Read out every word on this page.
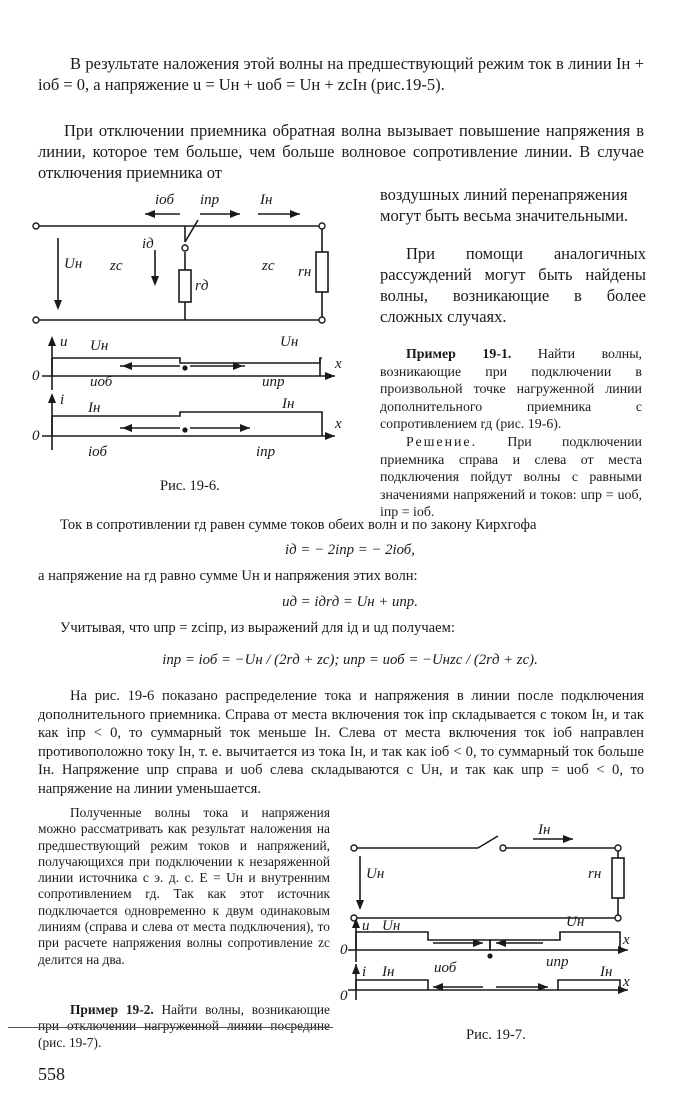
В результате наложения этой волны на предшествующий режим ток в линии Iн + iоб = 0, а напряжение u = Uн + uоб = Uн + zcIн (рис.19-5).
При отключении приемника обратная волна вызывает повышение напряжения в линии, которое тем больше, чем больше волновое сопротивление линии. В случае отключения приемника от
воздушных линий перенапряжения могут быть весьма значительными.
При помощи аналогичных рассуждений могут быть найдены волны, возникающие в более сложных случаях.
iоб iпр	Iн
Uн zc
iд
rд
zc rн
u Uн	Uн
x
0	uоб	uпр
i Iн	Iн
x
0
iоб	iпр
Рис. 19-6.
Пример 19-1. Найти волны, возникающие при подключении в произвольной точке нагруженной линии дополнительного приемника с сопротивлением rд (рис. 19-6).
Решение. При подключении приемника справа и слева от места подключения пойдут волны с равными значениями напряжений и токов: uпр = uоб, iпр = iоб.
Ток в сопротивлении rд равен сумме токов обеих волн и по закону Кирхгофа
iд = − 2iпр = − 2iоб,
а напряжение на rд равно сумме Uн и напряжения этих волн:
uд = iдrд = Uн + uпр.
Учитывая, что uпр = zciпр, из выражений для iд и uд получаем:
iпр = iоб = −Uн / (2rд + zc); uпр = uоб = −Uнzc / (2rд + zc).
На рис. 19-6 показано распределение тока и напряжения в линии после подключения дополнительного приемника. Справа от места включения ток iпр складывается с током Iн, и так как iпр < 0, то суммарный ток меньше Iн. Слева от места включения ток iоб направлен противоположно току Iн, т. е. вычитается из тока Iн, и так как iоб < 0, то суммарный ток больше Iн. Напряжение uпр справа и uоб слева складываются с Uн, и так как uпр = uоб < 0, то напряжение на линии уменьшается.
Полученные волны тока и напряжения можно рассматривать как результат наложения на предшествующий режим токов и напряжений, получающихся при подключении к незаряженной линии источника с э. д. с. E = Uн и внутренним сопротивлением rд. Так как этот источник подключается одновременно к двум одинаковым линиям (справа и слева от места подключения), то при расчете напряжения волны сопротивление zc делится на два.
Пример 19-2. Найти волны, возникающие при отключении нагруженной линии посредине (рис. 19-7).
Iн
Uн	rн
u Uн	Uн
x
0
i Iн	uоб	uпр
Iн
x
0
Рис. 19-7.
558
